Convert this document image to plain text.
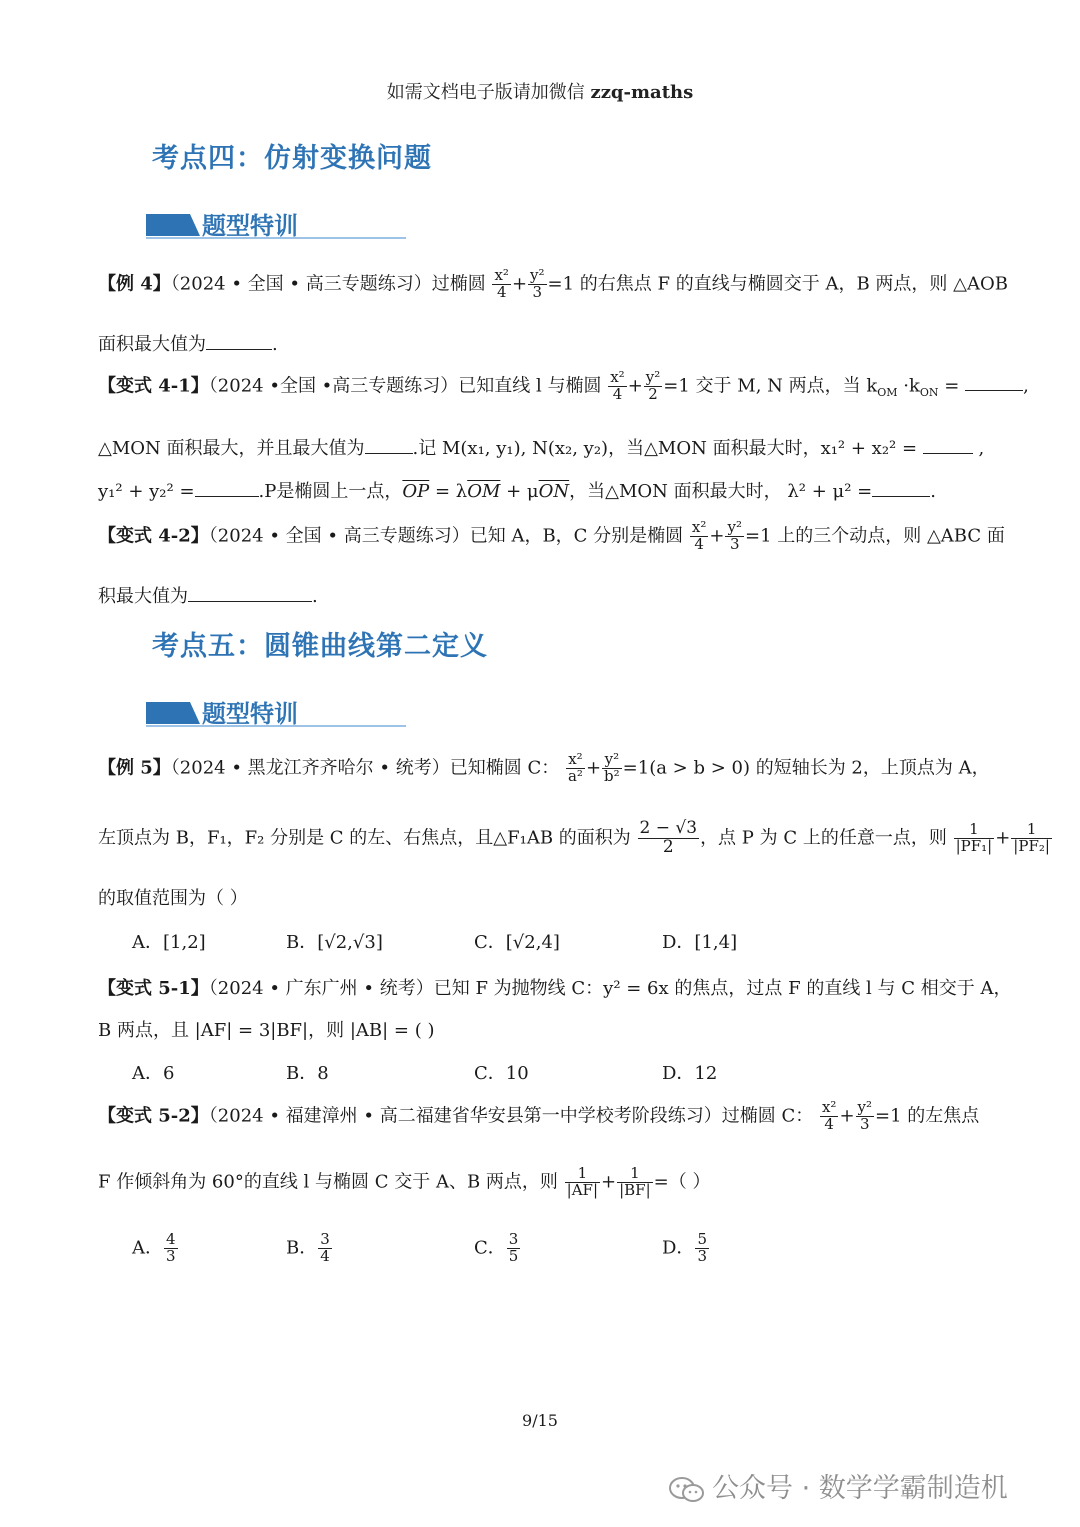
如需文档电子版请加微信 zzq-maths
考点四：仿射变换问题
题型特训
【例 4】（2024 • 全国 • 高三专题练习）过椭圆 $\frac{\text{x²}}{4} + \frac{\text{y²}}{3} =1$ 的右焦点 F 的直线与椭圆交于 A，B 两点，则 △AOB
面积最大值为	.
【变式 4-1】（2024 •全国 •高三专题练习）已知直线 l 与椭圆 $\frac{\text{x²}}{4} + \frac{\text{y²}}{2} =1$ 交于 M, N 两点，当 $k_{OM} \cdot k_{ON}$ =	,
△MON 面积最大，并且最大值为	.记 M(x₁, y₁), N(x₂, y₂)，当△MON 面积最大时，x₁² + x₂² =	,
y₁² + y₂² =	.P是椭圆上一点，$\overline{OP} = \lambda\overline{OM} + \mu\overline{ON}$，当△MON 面积最大时， λ² + μ² =	.
【变式 4-2】（2024 • 全国 • 高三专题练习）已知 A，B，C 分别是椭圆 $\frac{\text{x²}}{4} + \frac{\text{y²}}{3} =1$ 上的三个动点，则 △ABC 面
积最大值为	.
考点五：圆锥曲线第二定义
题型特训
【例 5】（2024 • 黑龙江齐齐哈尔 • 统考）已知椭圆 C： $\frac{\text{x²}}{\text{a²}} + \frac{\text{y²}}{\text{b²}} =1(a > b > 0)$ 的短轴长为 2，上顶点为 A，
左顶点为 B，F₁，F₂ 分别是 C 的左、右焦点，且△F₁AB 的面积为 $\frac{2 - √3}{2}$ ，点 P 为 C 上的任意一点，则 $\frac{1}{\text{|PF₁|}} + \frac{1}{\text{|PF₂|}}$
的取值范围为（ ）
A．[1,2]	B．[√2,√3]	C．[√2,4]	D．[1,4]
【变式 5-1】（2024 • 广东广州 • 统考）已知 F 为抛物线 C：y² = 6x 的焦点，过点 F 的直线 l 与 C 相交于 A，
B 两点，且 |AF| = 3|BF|，则 |AB| = ( )
A．6	B．8	C．10	D．12
【变式 5-2】（2024 • 福建漳州 • 高二福建省华安县第一中学校考阶段练习）过椭圆 C： $\frac{\text{x²}}{4} + \frac{\text{y²}}{3} =1$ 的左焦点
F 作倾斜角为 60°的直线 l 与椭圆 C 交于 A、B 两点，则 $\frac{1}{|AF|} + \frac{1}{|BF|}$ =（ ）
A． $\frac{4}{3}$	B． $\frac{3}{4}$	C． $\frac{3}{5}$	D． $\frac{5}{3}$
9/15
公众号 · 数学学霸制造机
